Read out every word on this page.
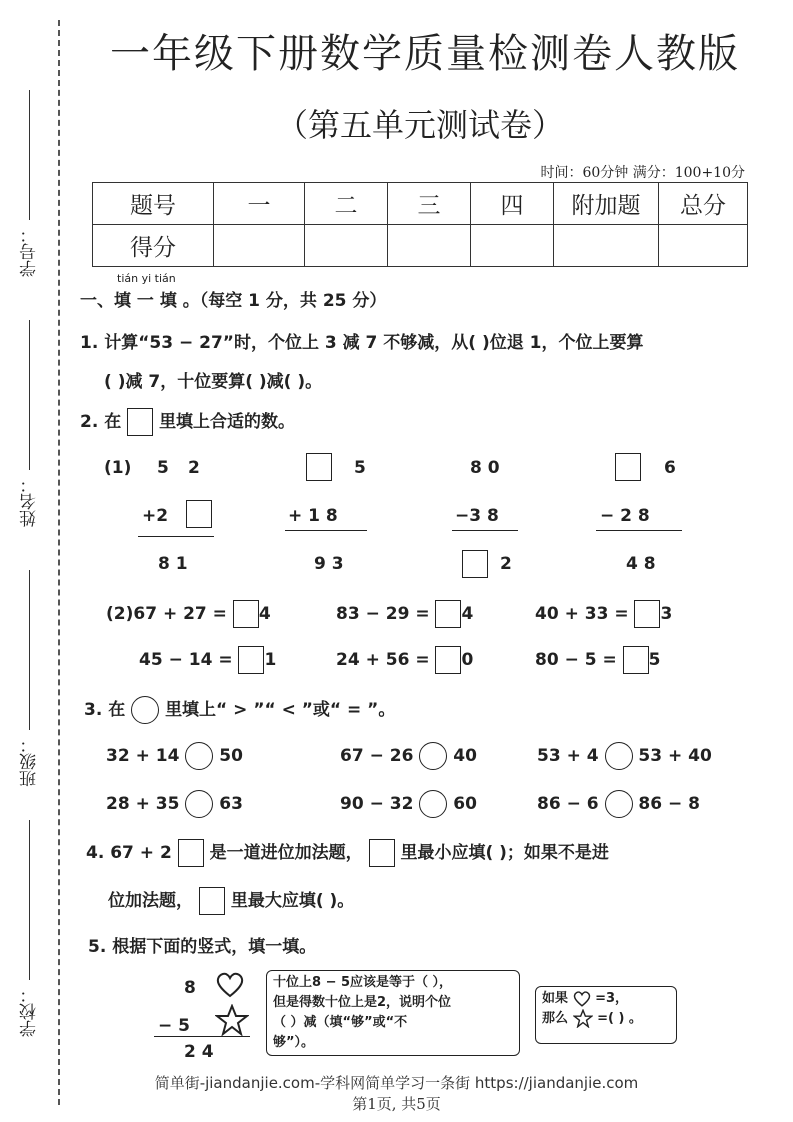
学号：
姓名：
班级：
学校：
一年级下册数学质量检测卷人教版
（第五单元测试卷）
时间：60分钟 满分：100+10分
题号	一	二	三	四	附加题	总分
得分						
tián yi tián
一、填 一 填 。（每空 1 分，共 25 分）
1. 计算“53 − 27”时，个位上 3 减 7 不够减，从( )位退 1，个位上要算
( )减 7，十位要算( )减( )。
2. 在 里填上合适的数。
(1) 5 2
+2
8 1
5
+ 1 8
9 3
8 0
−3 8
2
6
− 2 8
4 8
(2)67 + 27 = 4	83 − 29 = 4	40 + 33 = 3
45 − 14 = 1	24 + 56 = 0	80 − 5 = 5
3. 在 里填上“ > ”“ < ”或“ = ”。
32 + 14 50	67 − 26 40	53 + 4 53 + 40
28 + 35 63	90 − 32 60	86 − 6 86 − 8
4. 67 + 2 是一道进位加法题， 里最小应填( )；如果不是进
位加法题， 里最大应填( )。
5. 根据下面的竖式，填一填。
8
− 5
2 4
十位上8 − 5应该是等于（ ），
但是得数十位上是2，说明个位
（ ）减（填“够”或“不
够”）。
如果 =3，
那么 =( ) 。
简单街-jiandanjie.com-学科网简单学习一条街 https://jiandanjie.com
第1页, 共5页
